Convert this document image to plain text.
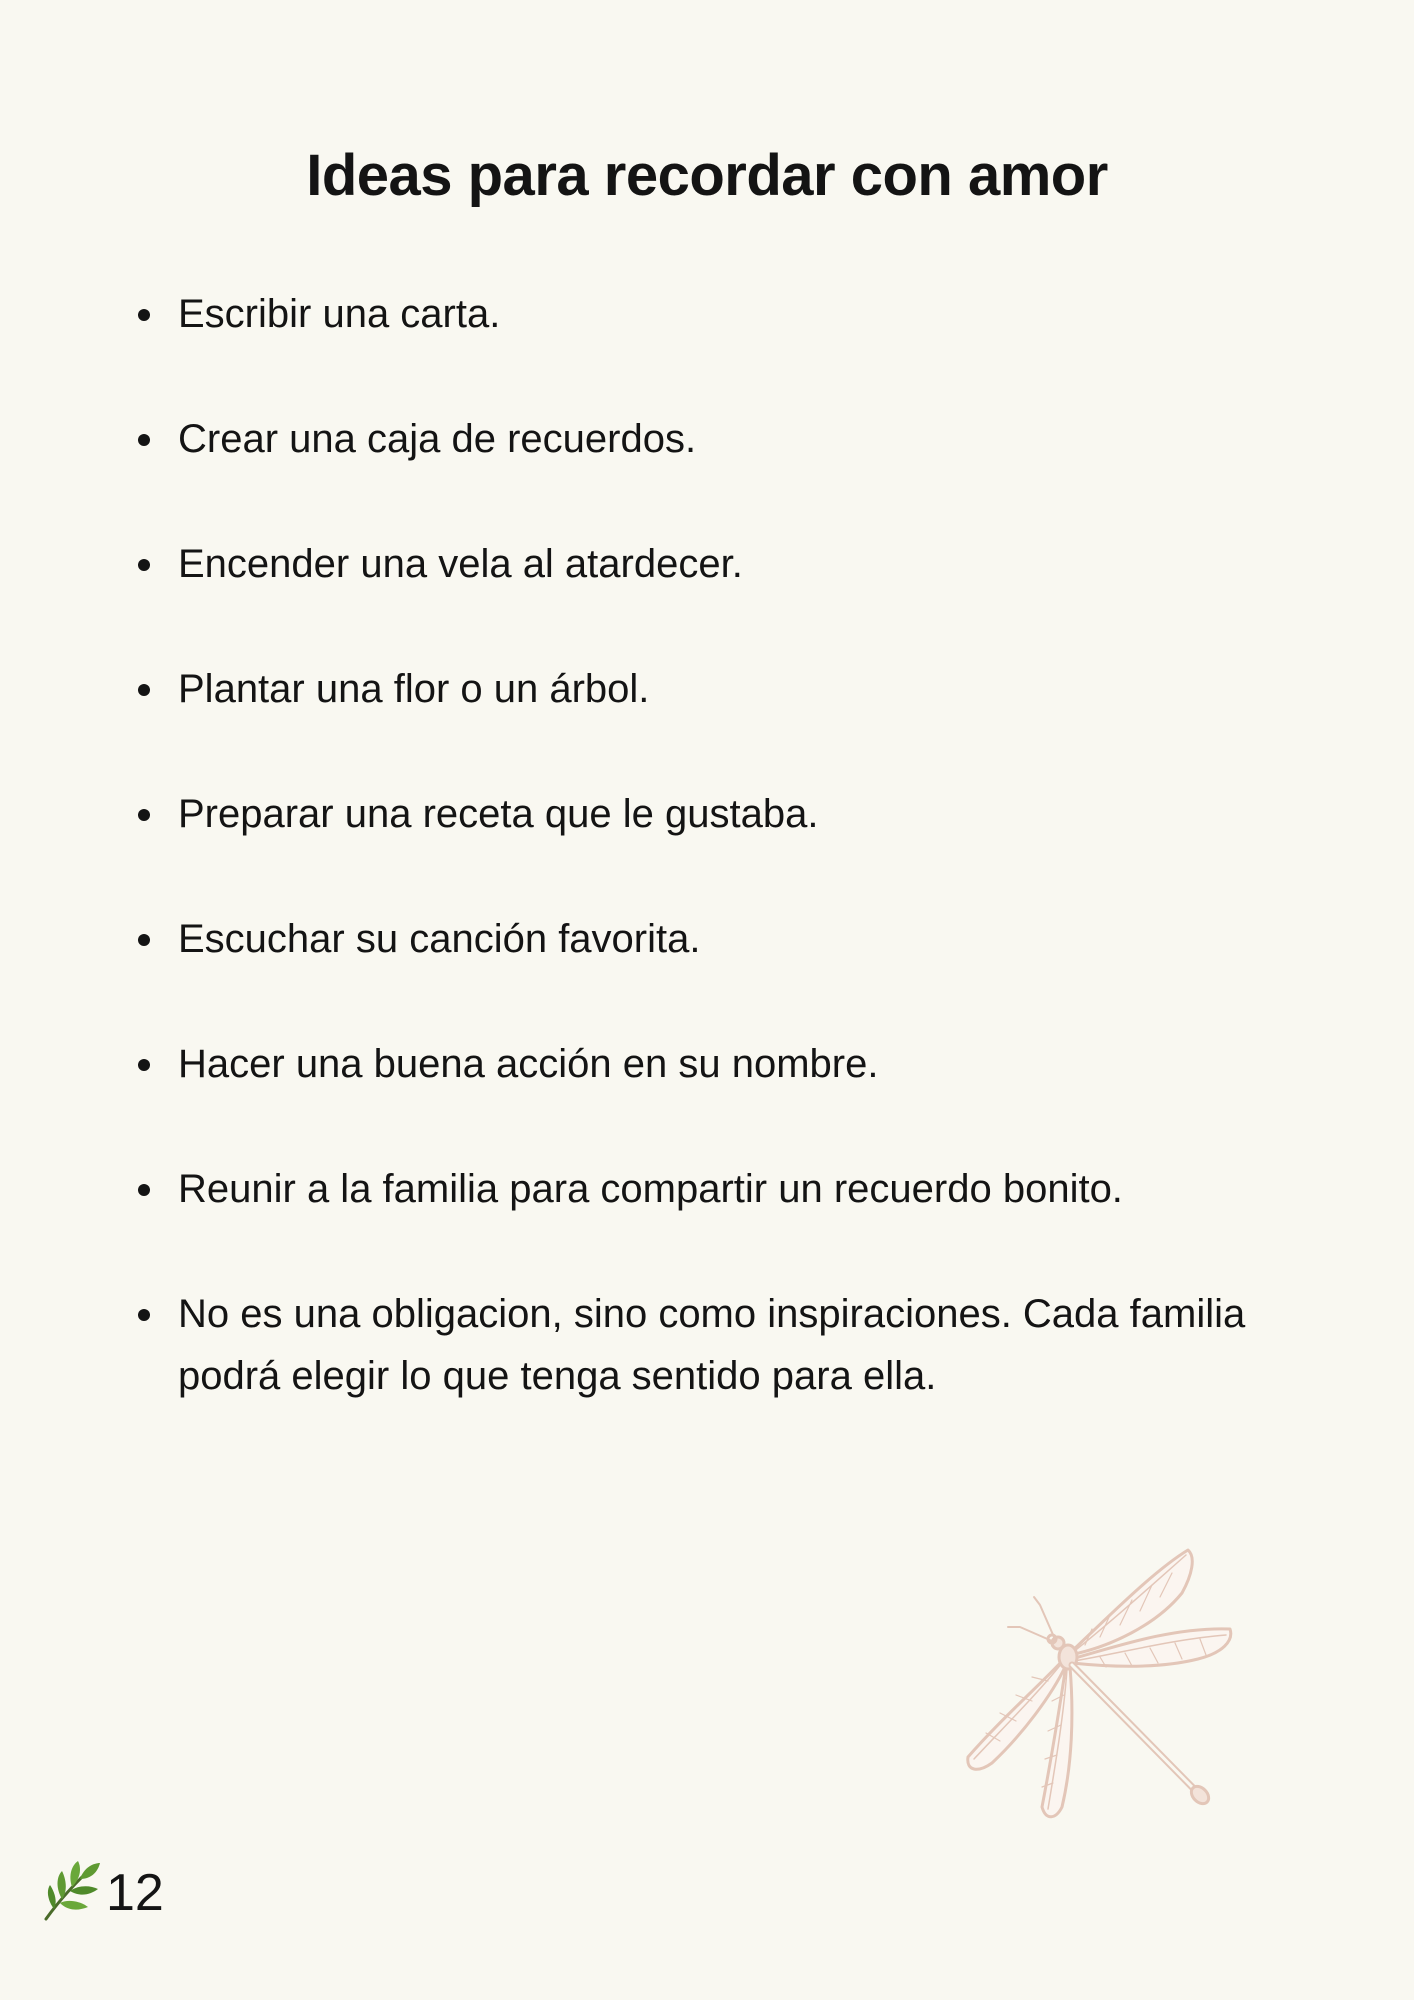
Ideas para recordar con amor
Escribir una carta.
Crear una caja de recuerdos.
Encender una vela al atardecer.
Plantar una flor o un árbol.
Preparar una receta que le gustaba.
Escuchar su canción favorita.
Hacer una buena acción en su nombre.
Reunir a la familia para compartir un recuerdo bonito.
No es una obligacion, sino como inspiraciones. Cada familia podrá elegir lo que tenga sentido para ella.
12
